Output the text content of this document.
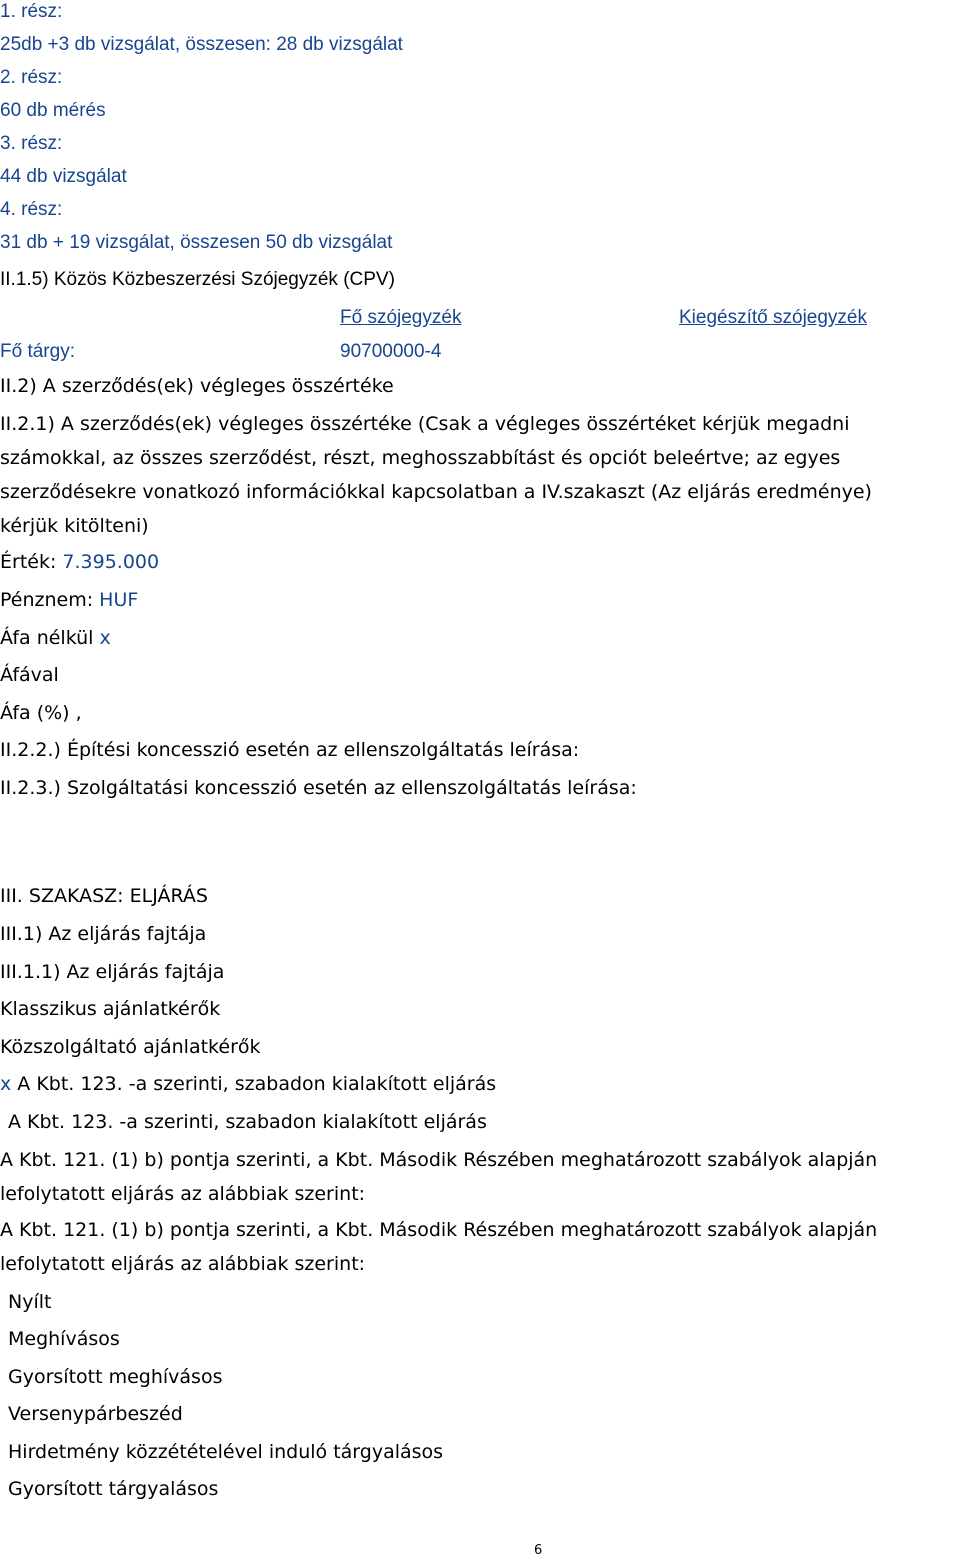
1. rész:
25db +3 db vizsgálat, összesen: 28 db vizsgálat
2. rész:
60 db mérés
3. rész:
44 db vizsgálat
4. rész:
31 db + 19 vizsgálat, összesen 50 db vizsgálat
II.1.5) Közös Közbeszerzési Szójegyzék (CPV)
Fő szójegyzék	Kiegészítő szójegyzék
Fő tárgy:	90700000-4
II.2) A szerződés(ek) végleges összértéke
II.2.1) A szerződés(ek) végleges összértéke (Csak a végleges összértéket kérjük megadni
számokkal, az összes szerződést, részt, meghosszabbítást és opciót beleértve; az egyes
szerződésekre vonatkozó információkkal kapcsolatban a IV.szakaszt (Az eljárás eredménye)
kérjük kitölteni)
Érték: 7.395.000
Pénznem: HUF
Áfa nélkül x
Áfával
Áfa (%) ,
II.2.2.) Építési koncesszió esetén az ellenszolgáltatás leírása:
II.2.3.) Szolgáltatási koncesszió esetén az ellenszolgáltatás leírása:
III. SZAKASZ: ELJÁRÁS
III.1) Az eljárás fajtája
III.1.1) Az eljárás fajtája
Klasszikus ajánlatkérők
Közszolgáltató ajánlatkérők
x A Kbt. 123. -a szerinti, szabadon kialakított eljárás
A Kbt. 123. -a szerinti, szabadon kialakított eljárás
A Kbt. 121. (1) b) pontja szerinti, a Kbt. Második Részében meghatározott szabályok alapján
lefolytatott eljárás az alábbiak szerint:
A Kbt. 121. (1) b) pontja szerinti, a Kbt. Második Részében meghatározott szabályok alapján
lefolytatott eljárás az alábbiak szerint:
Nyílt
Meghívásos
Gyorsított meghívásos
Versenypárbeszéd
Hirdetmény közzétételével induló tárgyalásos
Gyorsított tárgyalásos
6
